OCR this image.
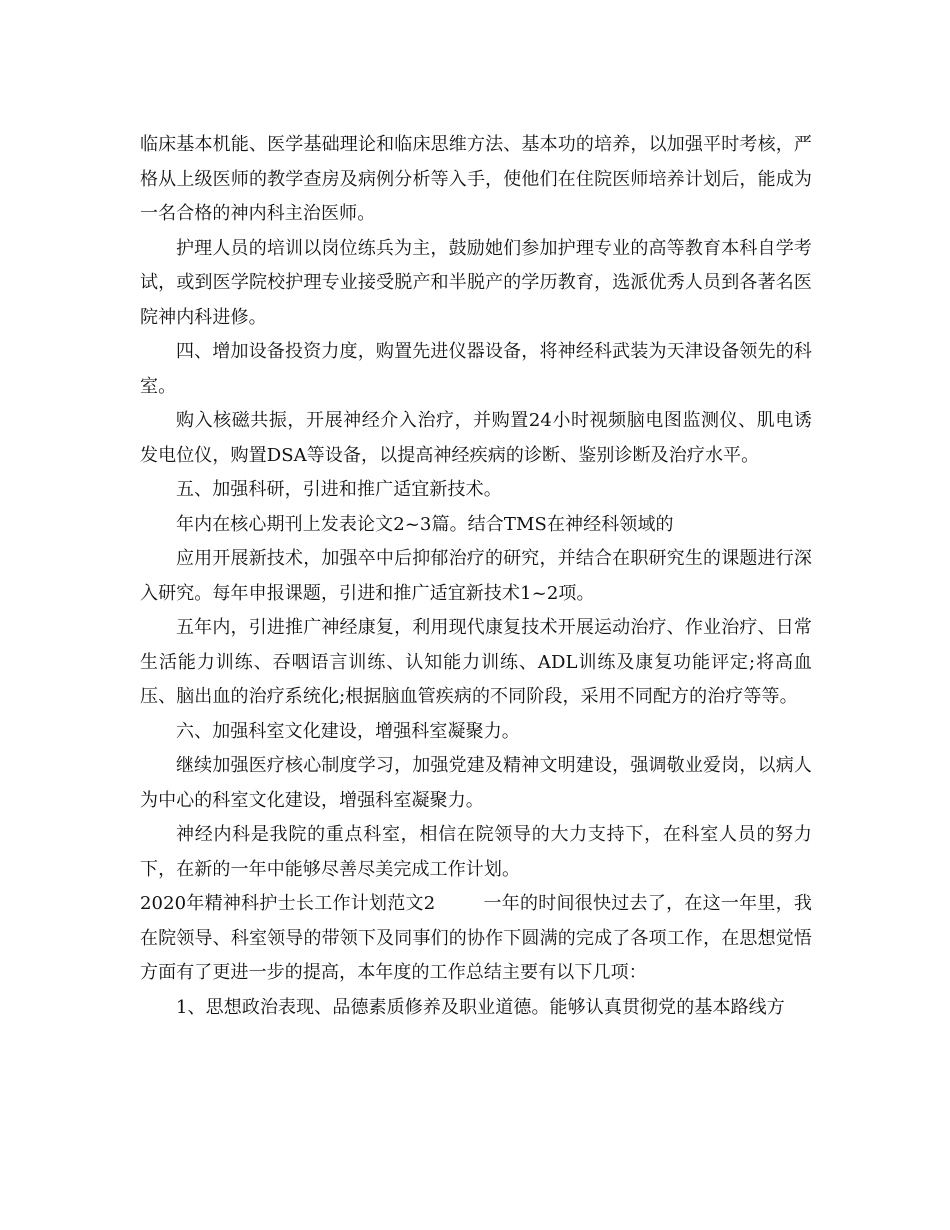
临床基本机能、医学基础理论和临床思维方法、基本功的培养，以加强平时考核，严格从上级医师的教学查房及病例分析等入手，使他们在住院医师培养计划后，能成为一名合格的神内科主治医师。

护理人员的培训以岗位练兵为主，鼓励她们参加护理专业的高等教育本科自学考试，或到医学院校护理专业接受脱产和半脱产的学历教育，选派优秀人员到各著名医院神内科进修。

四、增加设备投资力度，购置先进仪器设备，将神经科武装为天津设备领先的科室。

购入核磁共振，开展神经介入治疗，并购置24小时视频脑电图监测仪、肌电诱发电位仪，购置DSA等设备，以提高神经疾病的诊断、鉴别诊断及治疗水平。

五、加强科研，引进和推广适宜新技术。

年内在核心期刊上发表论文2~3篇。结合TMS在神经科领域的

应用开展新技术，加强卒中后抑郁治疗的研究，并结合在职研究生的课题进行深入研究。每年申报课题，引进和推广适宜新技术1~2项。

五年内，引进推广神经康复，利用现代康复技术开展运动治疗、作业治疗、日常生活能力训练、吞咽语言训练、认知能力训练、ADL训练及康复功能评定;将高血压、脑出血的治疗系统化;根据脑血管疾病的不同阶段，采用不同配方的治疗等等。

六、加强科室文化建设，增强科室凝聚力。

继续加强医疗核心制度学习，加强党建及精神文明建设，强调敬业爱岗，以病人为中心的科室文化建设，增强科室凝聚力。

神经内科是我院的重点科室，相信在院领导的大力支持下，在科室人员的努力下，在新的一年中能够尽善尽美完成工作计划。

2020年精神科护士长工作计划范文2	一年的时间很快过去了，在这一年里，我在院领导、科室领导的带领下及同事们的协作下圆满的完成了各项工作，在思想觉悟方面有了更进一步的提高，本年度的工作总结主要有以下几项：

1、思想政治表现、品德素质修养及职业道德。能够认真贯彻党的基本路线方
